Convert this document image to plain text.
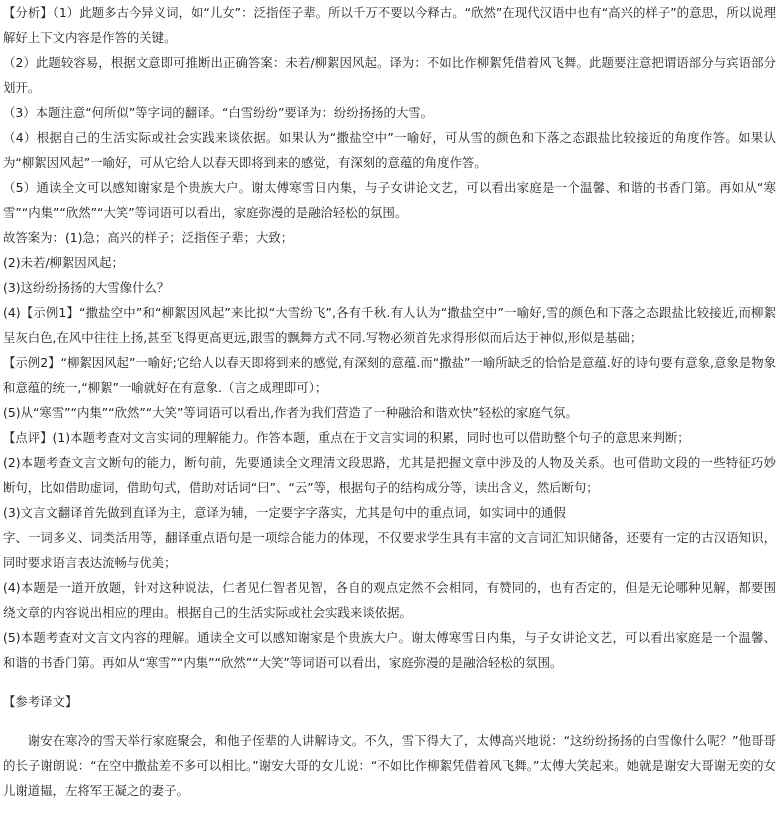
【分析】（1）此题多古今异义词，如“儿女”：泛指侄子辈。所以千万不要以今释古。“欣然”在现代汉语中也有“高兴的样子”的意思，所以说理解好上下文内容是作答的关键。

（2）此题较容易，根据文意即可推断出正确答案：未若/柳絮因风起。译为：不如比作柳絮凭借着风飞舞。此题要注意把谓语部分与宾语部分划开。

（3）本题注意“何所似”等字词的翻译。“白雪纷纷”要译为：纷纷扬扬的大雪。

（4）根据自己的生活实际或社会实践来谈依据。如果认为“撒盐空中”一喻好，可从雪的颜色和下落之态跟盐比较接近的角度作答。如果认为“柳絮因风起”一喻好，可从它给人以春天即将到来的感觉，有深刻的意蕴的角度作答。

（5）通读全文可以感知谢家是个贵族大户。谢太傅寒雪日内集，与子女讲论文艺，可以看出家庭是一个温馨、和谐的书香门第。再如从“寒雪”“内集”“欣然”“大笑”等词语可以看出，家庭弥漫的是融洽轻松的氛围。

故答案为：(1)急；高兴的样子；泛指侄子辈；大致；

(2)未若/柳絮因风起；

(3)这纷纷扬扬的大雪像什么？

(4)【示例1】“撒盐空中”和“柳絮因风起”来比拟“大雪纷飞”,各有千秋.有人认为“撒盐空中”一喻好,雪的颜色和下落之态跟盐比较接近,而柳絮呈灰白色,在风中往往上扬,甚至飞得更高更远,跟雪的飘舞方式不同.写物必须首先求得形似而后达于神似,形似是基础；

【示例2】“柳絮因风起”一喻好;它给人以春天即将到来的感觉,有深刻的意蕴.而“撒盐”一喻所缺乏的恰恰是意蕴.好的诗句要有意象,意象是物象和意蕴的统一,“柳絮”一喻就好在有意象.（言之成理即可）；

(5)从“寒雪”“内集”“欣然”“大笑”等词语可以看出,作者为我们营造了一种融洽和谐欢快”轻松的家庭气氛。

【点评】(1)本题考查对文言实词的理解能力。作答本题，重点在于文言实词的积累，同时也可以借助整个句子的意思来判断；

(2)本题考查文言文断句的能力，断句前，先要通读全文理清文段思路，尤其是把握文章中涉及的人物及关系。也可借助文段的一些特征巧妙断句，比如借助虚词，借助句式，借助对话词“曰”、“云”等，根据句子的结构成分等，读出含义，然后断句；

(3)文言文翻译首先做到直译为主，意译为辅，一定要字字落实，尤其是句中的重点词，如实词中的通假

字、一词多义、词类活用等，翻译重点语句是一项综合能力的体现，不仅要求学生具有丰富的文言词汇知识储备，还要有一定的古汉语知识，同时要求语言表达流畅与优美；

(4)本题是一道开放题，针对这种说法，仁者见仁智者见智，各自的观点定然不会相同，有赞同的，也有否定的，但是无论哪种见解，都要围绕文章的内容说出相应的理由。根据自己的生活实际或社会实践来谈依据。

(5)本题考查对文言文内容的理解。通读全文可以感知谢家是个贵族大户。谢太傅寒雪日内集，与子女讲论文艺，可以看出家庭是一个温馨、和谐的书香门第。再如从“寒雪”“内集”“欣然”“大笑”等词语可以看出，家庭弥漫的是融洽轻松的氛围。

【参考译文】

谢安在寒冷的雪天举行家庭聚会，和他子侄辈的人讲解诗文。不久，雪下得大了，太傅高兴地说：“这纷纷扬扬的白雪像什么呢？”他哥哥的长子谢朗说：“在空中撒盐差不多可以相比。”谢安大哥的女儿说：“不如比作柳絮凭借着风飞舞。”太傅大笑起来。她就是谢安大哥谢无奕的女儿谢道韫，左将军王凝之的妻子。
